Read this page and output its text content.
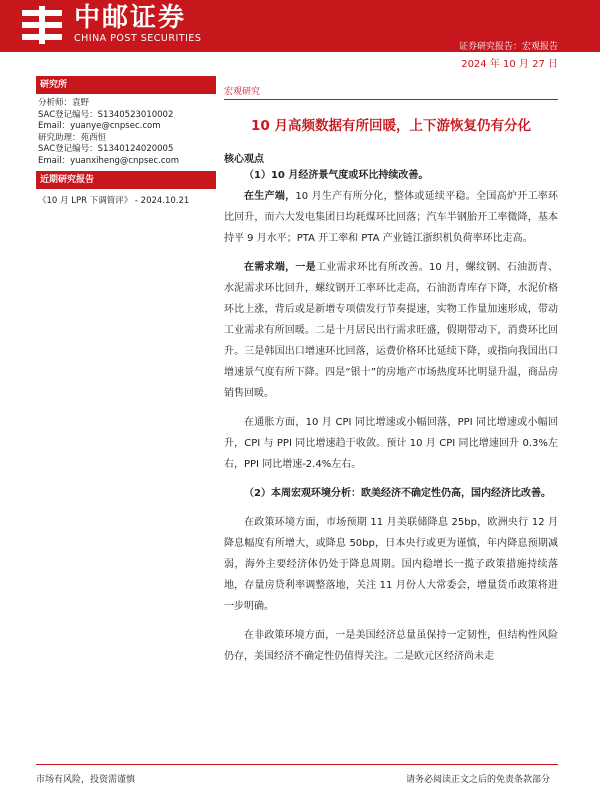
中邮证券
CHINA POST SECURITIES
证券研究报告：宏观报告
2024 年 10 月 27 日
研究所
分析师：袁野
SAC登记编号：S1340523010002
Email：yuanye@cnpsec.com
研究助理：苑西恒
SAC登记编号：S1340124020005
Email：yuanxiheng@cnpsec.com
近期研究报告
《10 月 LPR 下调简评》 - 2024.10.21
宏观研究
10 月高频数据有所回暖，上下游恢复仍有分化
核心观点

（1）10 月经济景气度或环比持续改善。

在生产端，10 月生产有所分化，整体或延续平稳。全国高炉开工率环比回升，而六大发电集团日均耗煤环比回落；汽车半钢胎开工率微降，基本持平 9 月水平；PTA 开工率和 PTA 产业链江浙织机负荷率环比走高。

在需求端，一是工业需求环比有所改善。10 月，螺纹钢、石油沥青、水泥需求环比回升，螺纹钢开工率环比走高，石油沥青库存下降，水泥价格环比上涨，背后或是新增专项债发行节奏提速，实物工作量加速形成，带动工业需求有所回暖。二是十月居民出行需求旺盛，假期带动下，消费环比回升。三是韩国出口增速环比回落，运费价格环比延续下降，或指向我国出口增速景气度有所下降。四是“银十”的房地产市场热度环比明显升温，商品房销售回暖。

在通胀方面，10 月 CPI 同比增速或小幅回落，PPI 同比增速或小幅回升，CPI 与 PPI 同比增速趋于收敛。预计 10 月 CPI 同比增速回升 0.3%左右，PPI 同比增速-2.4%左右。

（2）本周宏观环境分析：欧美经济不确定性仍高，国内经济比改善。

在政策环境方面，市场预期 11 月美联储降息 25bp，欧洲央行 12 月降息幅度有所增大，或降息 50bp，日本央行或更为谨慎，年内降息预期减弱，海外主要经济体仍处于降息周期。国内稳增长一揽子政策措施持续落地，存量房贷利率调整落地，关注 11 月份人大常委会，增量货币政策将进一步明确。

在非政策环境方面，一是美国经济总量虽保持一定韧性，但结构性风险仍存，美国经济不确定性仍值得关注。二是欧元区经济尚未走

市场有风险，投资需谨慎	请务必阅读正文之后的免责条款部分
